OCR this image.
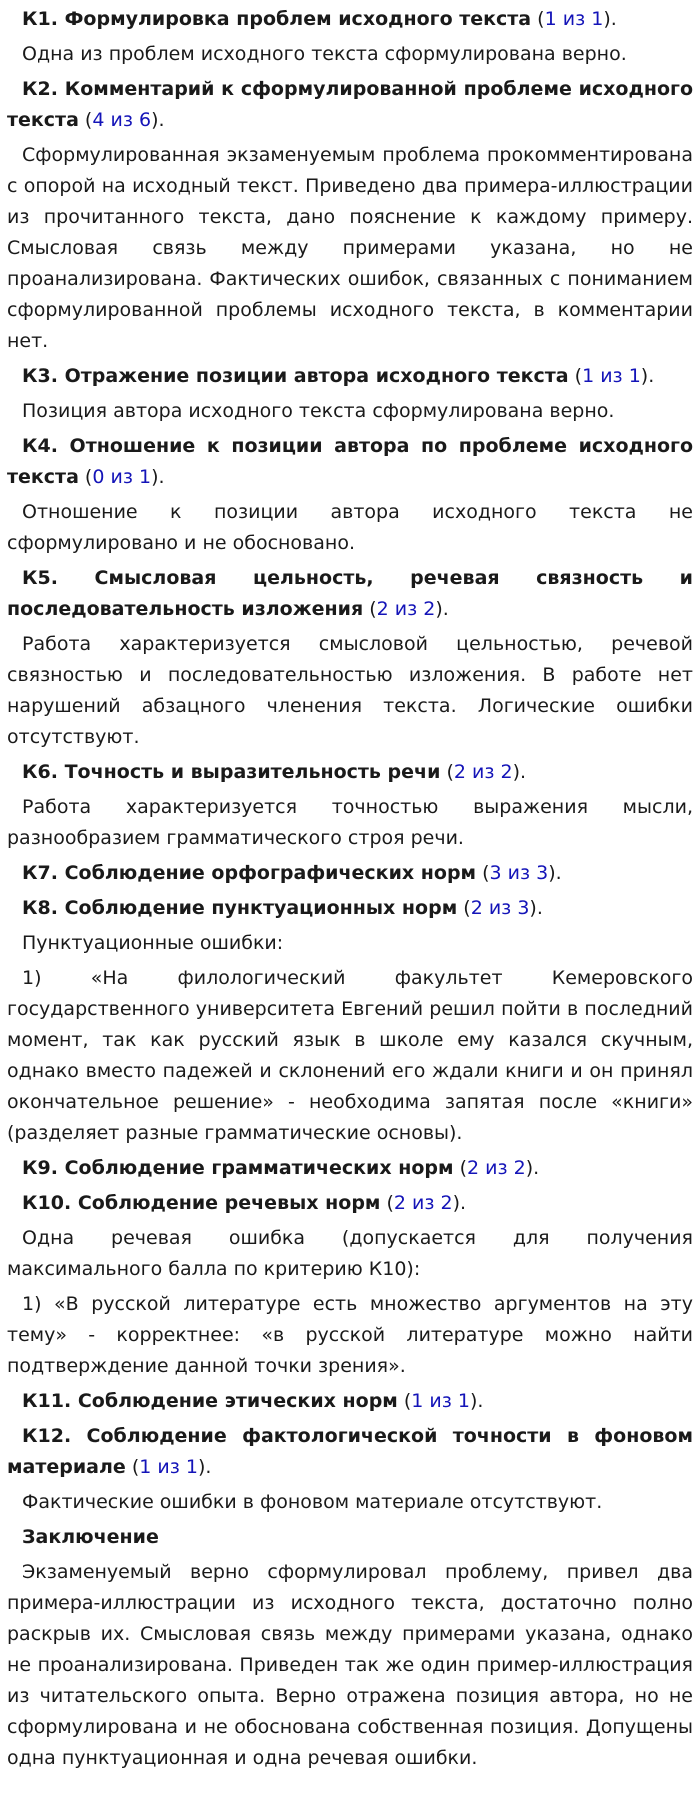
К1. Формулировка проблем исходного текста (1 из 1).

Одна из проблем исходного текста сформулирована верно.

К2. Комментарий к сформулированной проблеме исходного текста (4 из 6).

Сформулированная экзаменуемым проблема прокомментирована с опорой на исходный текст. Приведено два примера-иллюстрации из прочитанного текста, дано пояснение к каждому примеру. Смысловая связь между примерами указана, но не проанализирована. Фактических ошибок, связанных с пониманием сформулированной проблемы исходного текста, в комментарии нет.

К3. Отражение позиции автора исходного текста (1 из 1).

Позиция автора исходного текста сформулирована верно.

К4. Отношение к позиции автора по проблеме исходного текста (0 из 1).

Отношение к позиции автора исходного текста не сформулировано и не обосновано.

К5. Смысловая цельность, речевая связность и последовательность изложения (2 из 2).

Работа характеризуется смысловой цельностью, речевой связностью и последовательностью изложения. В работе нет нарушений абзацного членения текста. Логические ошибки отсутствуют.

К6. Точность и выразительность речи (2 из 2).

Работа характеризуется точностью выражения мысли, разнообразием грамматического строя речи.

К7. Соблюдение орфографических норм (3 из 3).

К8. Соблюдение пунктуационных норм (2 из 3).

Пунктуационные ошибки:

1) «На филологический факультет Кемеровского государственного университета Евгений решил пойти в последний момент, так как русский язык в школе ему казался скучным, однако вместо падежей и склонений его ждали книги и он принял окончательное решение» - необходима запятая после «книги» (разделяет разные грамматические основы).

К9. Соблюдение грамматических норм (2 из 2).

К10. Соблюдение речевых норм (2 из 2).

Одна речевая ошибка (допускается для получения максимального балла по критерию К10):

1) «В русской литературе есть множество аргументов на эту тему» - корректнее: «в русской литературе можно найти подтверждение данной точки зрения».

К11. Соблюдение этических норм (1 из 1).

К12. Соблюдение фактологической точности в фоновом материале (1 из 1).

Фактические ошибки в фоновом материале отсутствуют.

Заключение

Экзаменуемый верно сформулировал проблему, привел два примера-иллюстрации из исходного текста, достаточно полно раскрыв их. Смысловая связь между примерами указана, однако не проанализирована. Приведен так же один пример-иллюстрация из читательского опыта. Верно отражена позиция автора, но не сформулирована и не обоснована собственная позиция. Допущены одна пунктуационная и одна речевая ошибки.
